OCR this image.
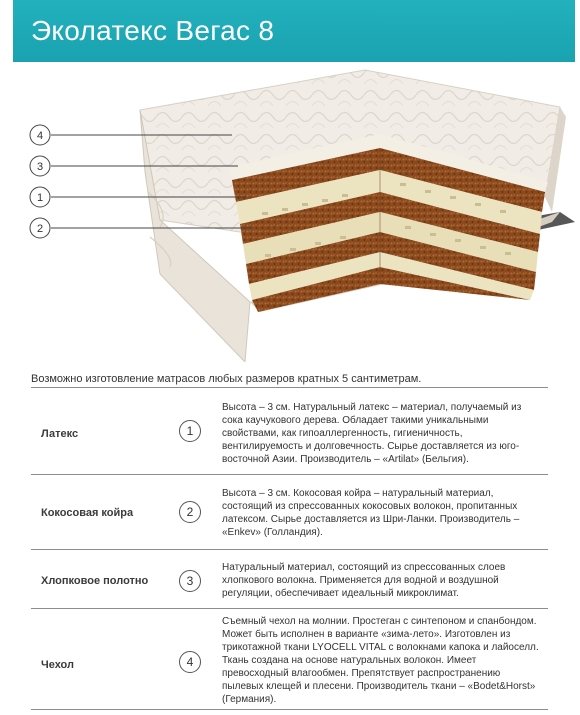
Эколатекс Вегас 8
4
3
1
2
Возможно изготовление матрасов любых размеров кратных 5 сантиметрам.
Латекс	1
Высота – 3 см. Натуральный латекс – материал, получаемый из сока каучукового дерева. Обладает такими уникальными свойствами, как гипоаллергенность, гигиеничность, вентилируемость и долговечность. Сырье доставляется из юго-восточной Азии. Производитель – «Artilat» (Бельгия).
Кокосовая койра	2
Высота – 3 см. Кокосовая койра – натуральный материал, состоящий из спрессованных кокосовых волокон, пропитанных латексом. Сырье доставляется из Шри-Ланки. Производитель – «Enkev» (Голландия).
Хлопковое полотно	3
Натуральный материал, состоящий из спрессованных слоев хлопкового волокна. Применяется для водной и воздушной регуляции, обеспечивает идеальный микроклимат.
Чехол	4
Съемный чехол на молнии. Простеган с синтепоном и спанбондом. Может быть исполнен в варианте «зима-лето». Изготовлен из трикотажной ткани LYOCELL VITAL с волокнами капока и лайоселл. Ткань создана на основе натуральных волокон. Имеет превосходный влагообмен. Препятствует распространению пылевых клещей и плесени. Производитель ткани – «Bodet&Horst» (Германия).
